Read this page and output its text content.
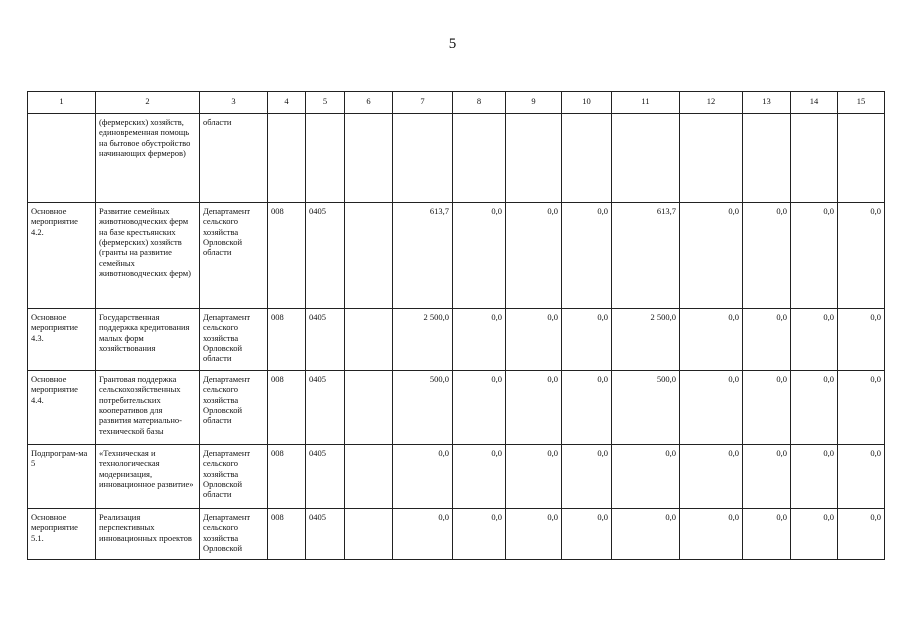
5
1	2	3	4	5	6	7	8	9	10	11	12	13	14	15
	(фермерских) хозяйств, единовременная помощь на бытовое обустройство начинающих фермеров)	области												
Основное мероприятие 4.2.	Развитие семейных животноводческих ферм на базе крестьянских (фермерских) хозяйств (гранты на развитие семейных животноводческих ферм)	Департамент сельского хозяйства Орловской области	008	0405		613,7	0,0	0,0	0,0	613,7	0,0	0,0	0,0	0,0
Основное мероприятие 4.3.	Государственная поддержка кредитования малых форм хозяйствования	Департамент сельского хозяйства Орловской области	008	0405		2 500,0	0,0	0,0	0,0	2 500,0	0,0	0,0	0,0	0,0
Основное мероприятие 4.4.	Грантовая поддержка сельскохозяйственных потребительских кооперативов для развития материально-технической базы	Департамент сельского хозяйства Орловской области	008	0405		500,0	0,0	0,0	0,0	500,0	0,0	0,0	0,0	0,0
Подпрограм-ма 5	«Техническая и технологическая модернизация, инновационное развитие»	Департамент сельского хозяйства Орловской области	008	0405		0,0	0,0	0,0	0,0	0,0	0,0	0,0	0,0	0,0
Основное мероприятие 5.1.	Реализация перспективных инновационных проектов	Департамент сельского хозяйства Орловской	008	0405		0,0	0,0	0,0	0,0	0,0	0,0	0,0	0,0	0,0
